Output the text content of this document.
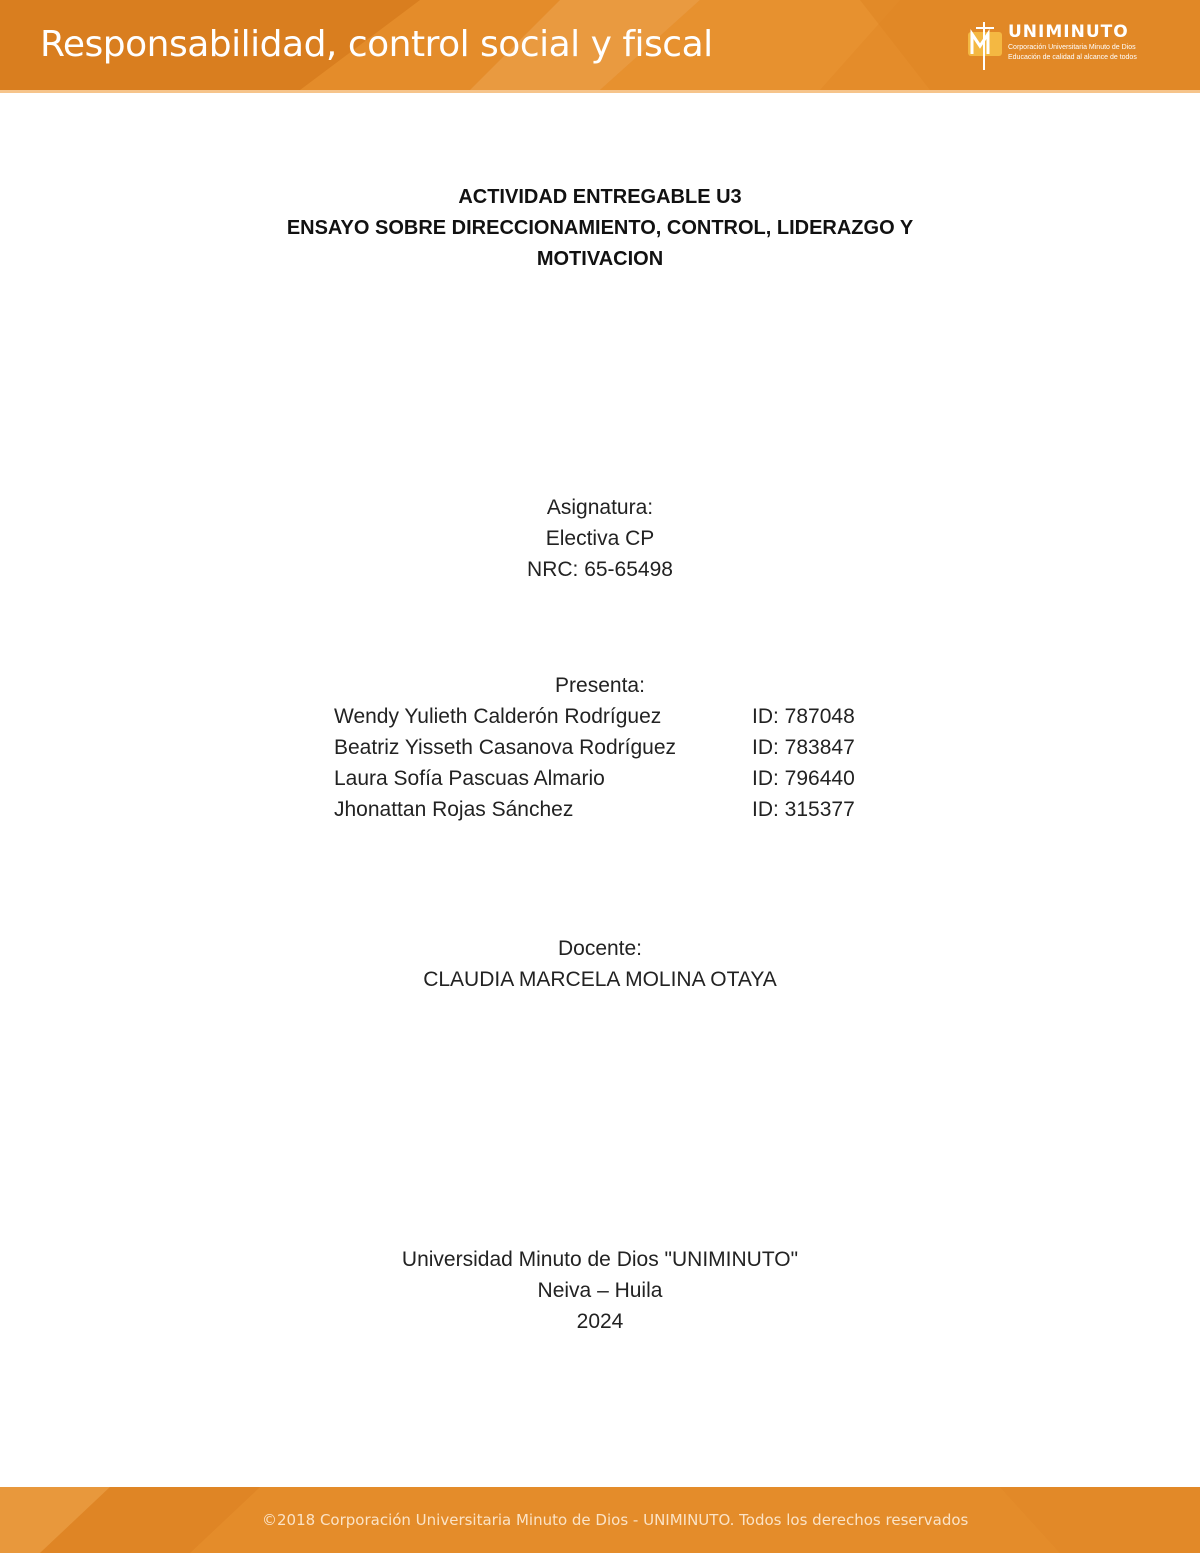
Responsabilidad, control social y fiscal	UNIMINUTO
Corporación Universitaria Minuto de Dios
Educación de calidad al alcance de todos
ACTIVIDAD ENTREGABLE U3
ENSAYO SOBRE DIRECCIONAMIENTO, CONTROL, LIDERAZGO Y
MOTIVACION
Asignatura:
Electiva CP
NRC: 65-65498
Presenta:
Wendy Yulieth Calderón Rodríguez	ID: 787048
Beatriz Yisseth Casanova Rodríguez	ID: 783847
Laura Sofía Pascuas Almario	ID: 796440
Jhonattan Rojas Sánchez	ID: 315377
Docente:
CLAUDIA MARCELA MOLINA OTAYA
Universidad Minuto de Dios "UNIMINUTO"
Neiva – Huila
2024
©2018 Corporación Universitaria Minuto de Dios - UNIMINUTO. Todos los derechos reservados
